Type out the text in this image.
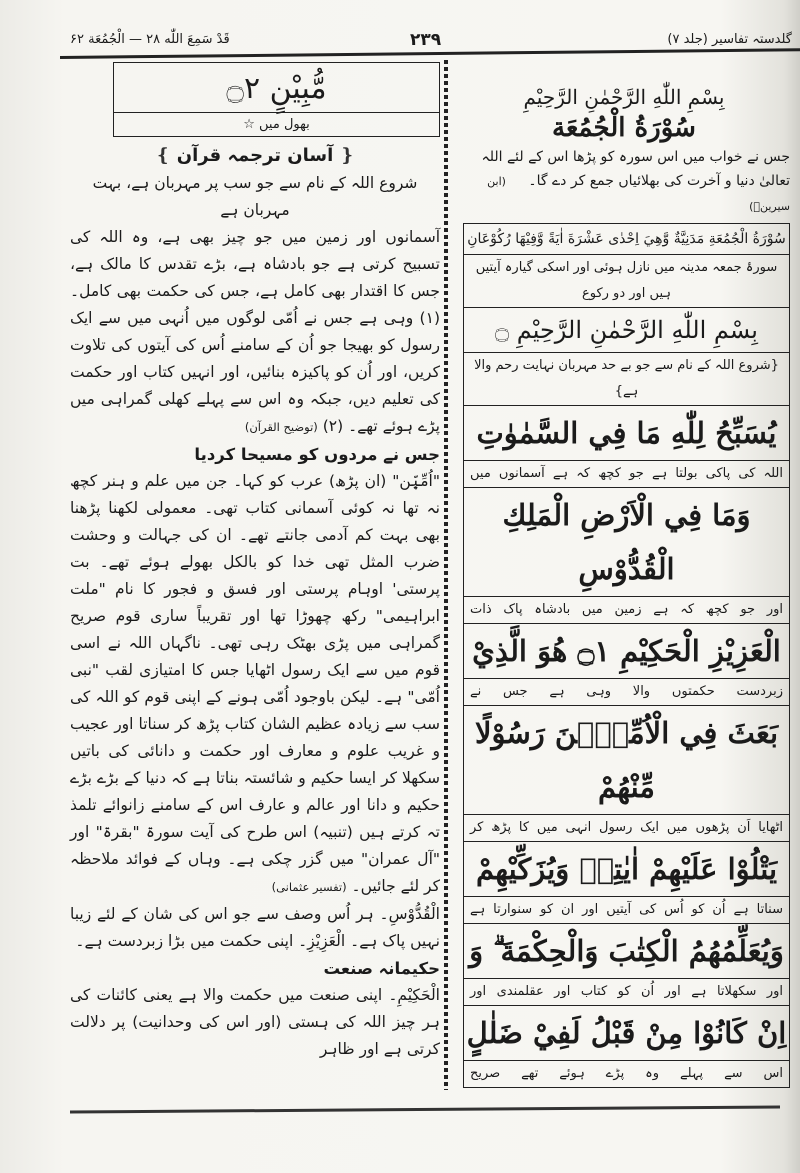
گلدستہ تفاسیر (جلد ۷)
۲۳۹
قَدْ سَمِعَ اللّٰه ۲۸ — الْجُمُعَة ۶۲
مُّبِيْنٍ ۝۲
بھول میں ☆
❴ آسان ترجمہ قرآن ❵
شروع اللہ کے نام سے جو سب پر مہربان ہے، بہت مہربان ہے
آسمانوں اور زمین میں جو چیز بھی ہے، وہ اللہ کی تسبیح کرتی ہے جو بادشاہ ہے، بڑے تقدس کا مالک ہے، جس کا اقتدار بھی کامل ہے، جس کی حکمت بھی کامل۔ (۱) وہی ہے جس نے اُمّی لوگوں میں اُنہی میں سے ایک رسول کو بھیجا جو اُن کے سامنے اُس کی آیتوں کی تلاوت کریں، اور اُن کو پاکیزہ بنائیں، اور انہیں کتاب اور حکمت کی تعلیم دیں، جبکہ وہ اس سے پہلے کھلی گمراہی میں پڑے ہوئے تھے۔ (۲) (توضیح القرآن)
جس نے مردوں کو مسیحا کردیا
"اُمِّیّٖن" (ان پڑھ) عرب کو کہا۔ جن میں علم و ہنر کچھ نہ تھا نہ کوئی آسمانی کتاب تھی۔ معمولی لکھنا پڑھنا بھی بہت کم آدمی جانتے تھے۔ ان کی جہالت و وحشت ضرب المثل تھی خدا کو بالکل بھولے ہوئے تھے۔ بت پرستی' اوہام پرستی اور فسق و فجور کا نام "ملت ابراہیمی" رکھ چھوڑا تھا اور تقریباً ساری قوم صریح گمراہی میں پڑی بھٹک رہی تھی۔ ناگہاں اللہ نے اسی قوم میں سے ایک رسول اٹھایا جس کا امتیازی لقب "نبی اُمّی" ہے۔ لیکن باوجود اُمّی ہونے کے اپنی قوم کو اللہ کی سب سے زیادہ عظیم الشان کتاب پڑھ کر سناتا اور عجیب و غریب علوم و معارف اور حکمت و دانائی کی باتیں سکھلا کر ایسا حکیم و شائستہ بناتا ہے کہ دنیا کے بڑے بڑے حکیم و دانا اور عالم و عارف اس کے سامنے زانوائے تلمذ تہ کرتے ہیں (تنبیہ) اس طرح کی آیت سورۃ "بقرۃ" اور "آل عمران" میں گزر چکی ہے۔ وہاں کے فوائد ملاحظہ کر لئے جائیں۔ (تفسیر عثمانی)
الْقُدُّوْسِ۔ ہر اُس وصف سے جو اس کی شان کے لئے زیبا نہیں پاک ہے۔ الْعَزِیْزِ۔ اپنی حکمت میں بڑا زبردست ہے۔
حکیمانہ صنعت
الْحَکِیْمِ۔ اپنی صنعت میں حکمت والا ہے یعنی کائنات کی ہر چیز اللہ کی ہستی (اور اس کی وحدانیت) پر دلالت کرتی ہے اور ظاہر
بِسْمِ اللّٰهِ الرَّحْمٰنِ الرَّحِيْمِ
سُوْرَةُ الْجُمُعَة
جس نے خواب میں اس سورہ کو پڑھا اس کے لئے اللہ تعالیٰ دنیا و آخرت کی بھلائیاں جمع کر دے گا۔ (ابن سیرینؒ)
سُوْرَةُ الْجُمُعَةِ مَدَنِيَّةٌ وَّهِيَ اِحْدٰى عَشْرَةَ اٰيَةً وَّفِيْهَا رُكُوْعَانِ
سورۂ جمعہ مدینہ میں نازل ہوئی اور اسکی گیارہ آیتیں ہیں اور دو رکوع
بِسْمِ اللّٰهِ الرَّحْمٰنِ الرَّحِيْمِ ۝
{شروع اللہ کے نام سے جو بے حد مہربان نہایت رحم والا ہے}
يُسَبِّحُ لِلّٰهِ مَا فِي السَّمٰوٰتِ
اللہ کی پاکی بولتا ہے جو کچھ کہ ہے آسمانوں میں
وَمَا فِي الْاَرْضِ الْمَلِكِ الْقُدُّوْسِ
اور جو کچھ کہ ہے زمین میں بادشاہ پاک ذات
الْعَزِيْزِ الْحَكِيْمِ ۝۱ هُوَ الَّذِيْ
زبردست حکمتوں والا وہی ہے جس نے
بَعَثَ فِي الْاُمِّيّٖنَ رَسُوْلًا مِّنْهُمْ
اٹھایا اَن پڑھوں میں ایک رسول انہی میں کا پڑھ کر
يَتْلُوْا عَلَيْهِمْ اٰيٰتِهٖ وَيُزَكِّيْهِمْ
سناتا ہے اُن کو اُس کی آیتیں اور ان کو سنوارتا ہے
وَيُعَلِّمُهُمُ الْكِتٰبَ وَالْحِكْمَةَ ۗ وَ
اور سکھلاتا ہے اور اُن کو کتاب اور عقلمندی اور
اِنْ كَانُوْا مِنْ قَبْلُ لَفِيْ ضَلٰلٍ
اس سے پہلے وہ پڑے ہوئے تھے صریح
